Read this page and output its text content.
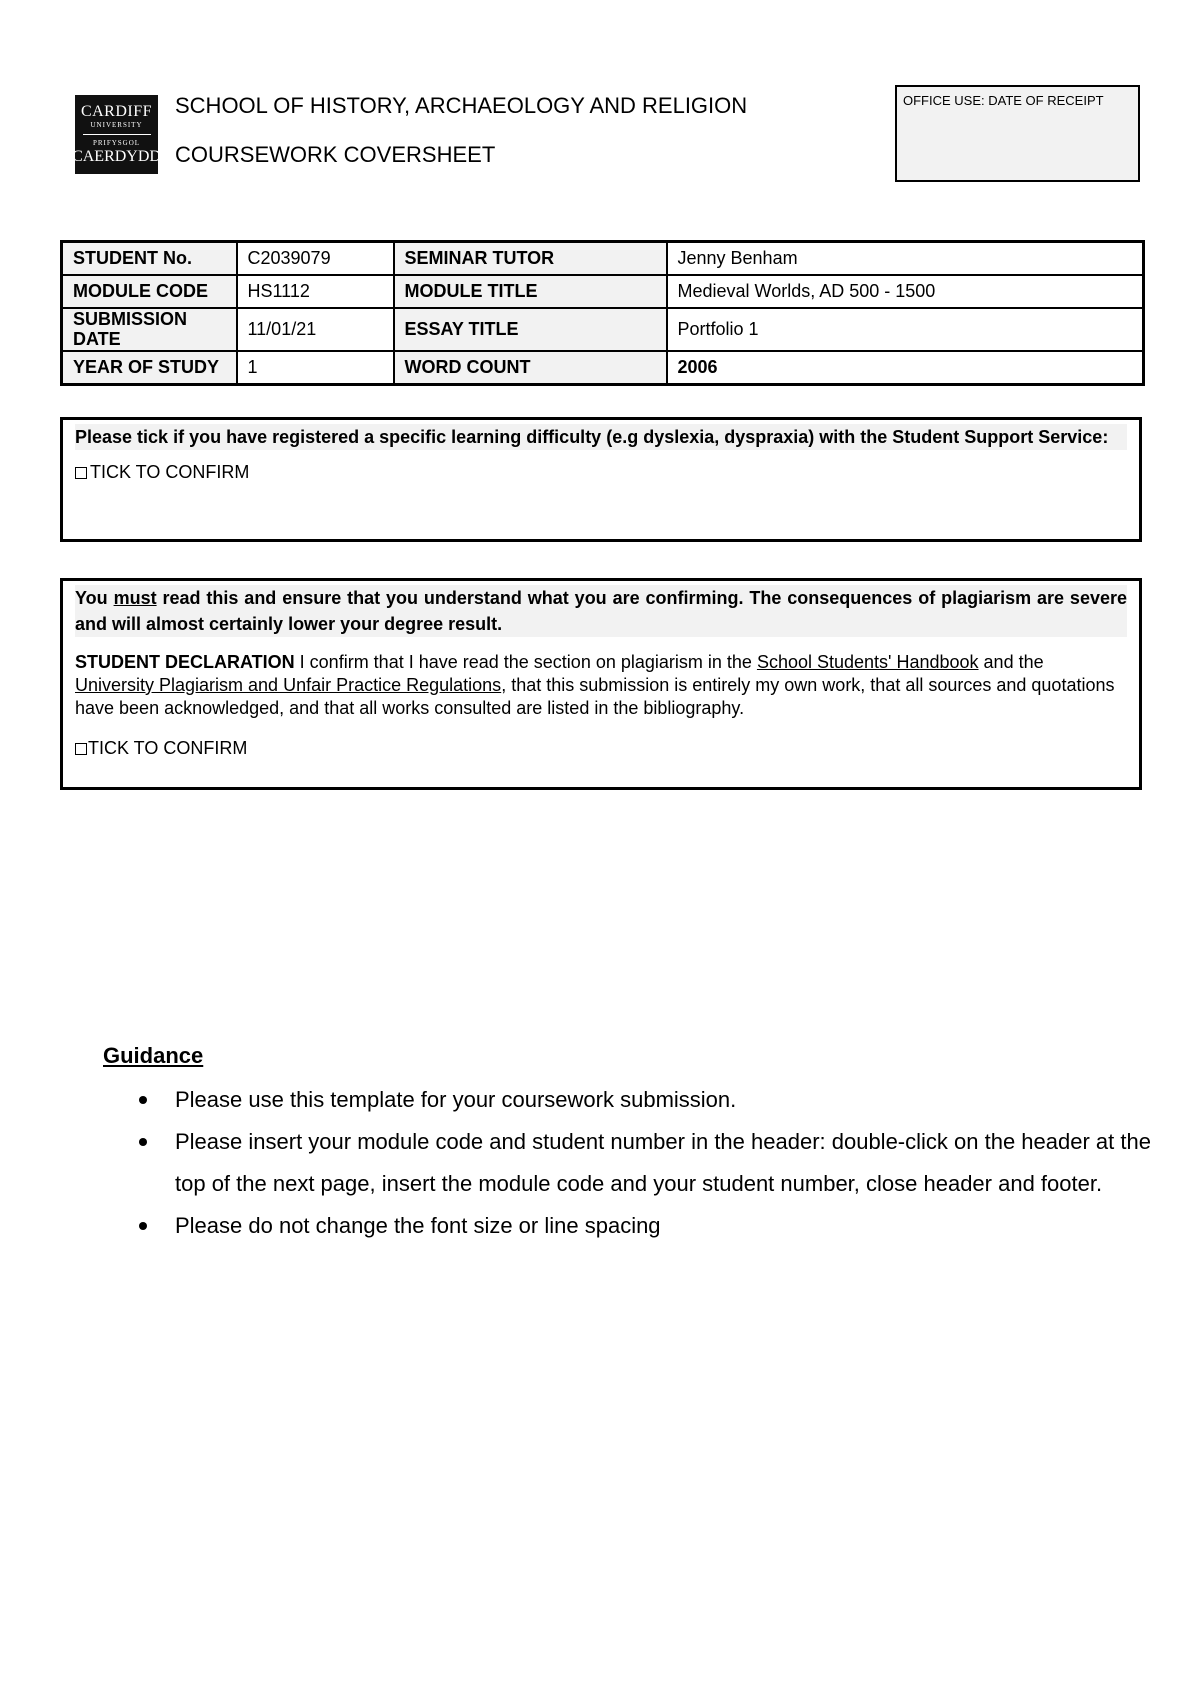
CARDIFF
UNIVERSITY
PRIFYSGOL
CAERDYDD
SCHOOL OF HISTORY, ARCHAEOLOGY AND RELIGION
COURSEWORK COVERSHEET
OFFICE USE: DATE OF RECEIPT
STUDENT No.	C2039079	SEMINAR TUTOR	Jenny Benham
MODULE CODE	HS1112	MODULE TITLE	Medieval Worlds, AD 500 - 1500
SUBMISSION DATE	11/01/21	ESSAY TITLE	Portfolio 1
YEAR OF STUDY	1	WORD COUNT	2006
Please tick if you have registered a specific learning difficulty (e.g dyslexia, dyspraxia) with the Student Support Service:
TICK TO CONFIRM
You must read this and ensure that you understand what you are confirming. The consequences of plagiarism are severe and will almost certainly lower your degree result.
STUDENT DECLARATION I confirm that I have read the section on plagiarism in the School Students' Handbook and the University Plagiarism and Unfair Practice Regulations, that this submission is entirely my own work, that all sources and quotations have been acknowledged, and that all works consulted are listed in the bibliography.
TICK TO CONFIRM
Guidance
Please use this template for your coursework submission.
Please insert your module code and student number in the header: double-click on the header at the top of the next page, insert the module code and your student number, close header and footer.
Please do not change the font size or line spacing
